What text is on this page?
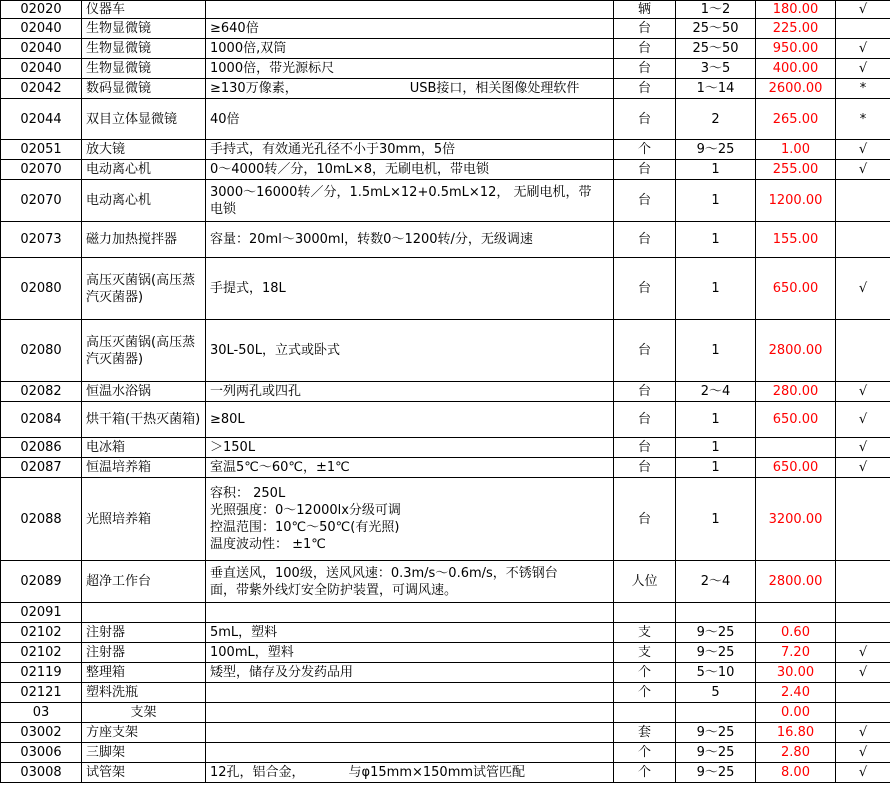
02020	仪器车		辆	1～2	180.00	√
02040	生物显微镜	≥640倍	台	25～50	225.00	
02040	生物显微镜	1000倍,双筒	台	25～50	950.00	√
02040	生物显微镜	1000倍，带光源标尺	台	3～5	400.00	√
02042	数码显微镜	≥130万像素， USB接口，相关图像处理软件	台	1～14	2600.00	*
02044	双目立体显微镜	40倍	台	2	265.00	*
02051	放大镜	手持式，有效通光孔径不小于30mm，5倍	个	9～25	1.00	√
02070	电动离心机	0～4000转／分，10mL×8，无刷电机，带电锁	台	1	255.00	√
02070	电动离心机	3000～16000转／分，1.5mL×12+0.5mL×12， 无刷电机，带
电锁	台	1	1200.00	
02073	磁力加热搅拌器	容量：20ml～3000ml，转数0～1200转/分，无级调速	台	1	155.00	
02080	高压灭菌锅(高压蒸汽灭菌器)	手提式，18L	台	1	650.00	√
02080	高压灭菌锅(高压蒸汽灭菌器)	30L-50L，立式或卧式	台	1	2800.00	
02082	恒温水浴锅	一列两孔或四孔	台	2～4	280.00	√
02084	烘干箱(干热灭菌箱)	≥80L	台	1	650.00	√
02086	电冰箱	＞150L	台	1		√
02087	恒温培养箱	室温5℃～60℃，±1℃	台	1	650.00	√
02088	光照培养箱	容积： 250L
光照强度：0～12000lx分级可调
控温范围：10℃～50℃(有光照)
温度波动性： ±1℃	台	1	3200.00	
02089	超净工作台	垂直送风，100级，送风风速：0.3m/s～0.6m/s，不锈钢台
面，带紫外线灯安全防护装置，可调风速。	人位	2～4	2800.00	
02091						
02102	注射器	5mL，塑料	支	9～25	0.60	
02102	注射器	100mL，塑料	支	9～25	7.20	√
02119	整理箱	矮型，储存及分发药品用	个	5～10	30.00	√
02121	塑料洗瓶		个	5	2.40	
03	支架				0.00	
03002	方座支架		套	9～25	16.80	√
03006	三脚架		个	9～25	2.80	√
03008	试管架	12孔，铝合金， 与φ15mm×150mm试管匹配	个	9～25	8.00	√
